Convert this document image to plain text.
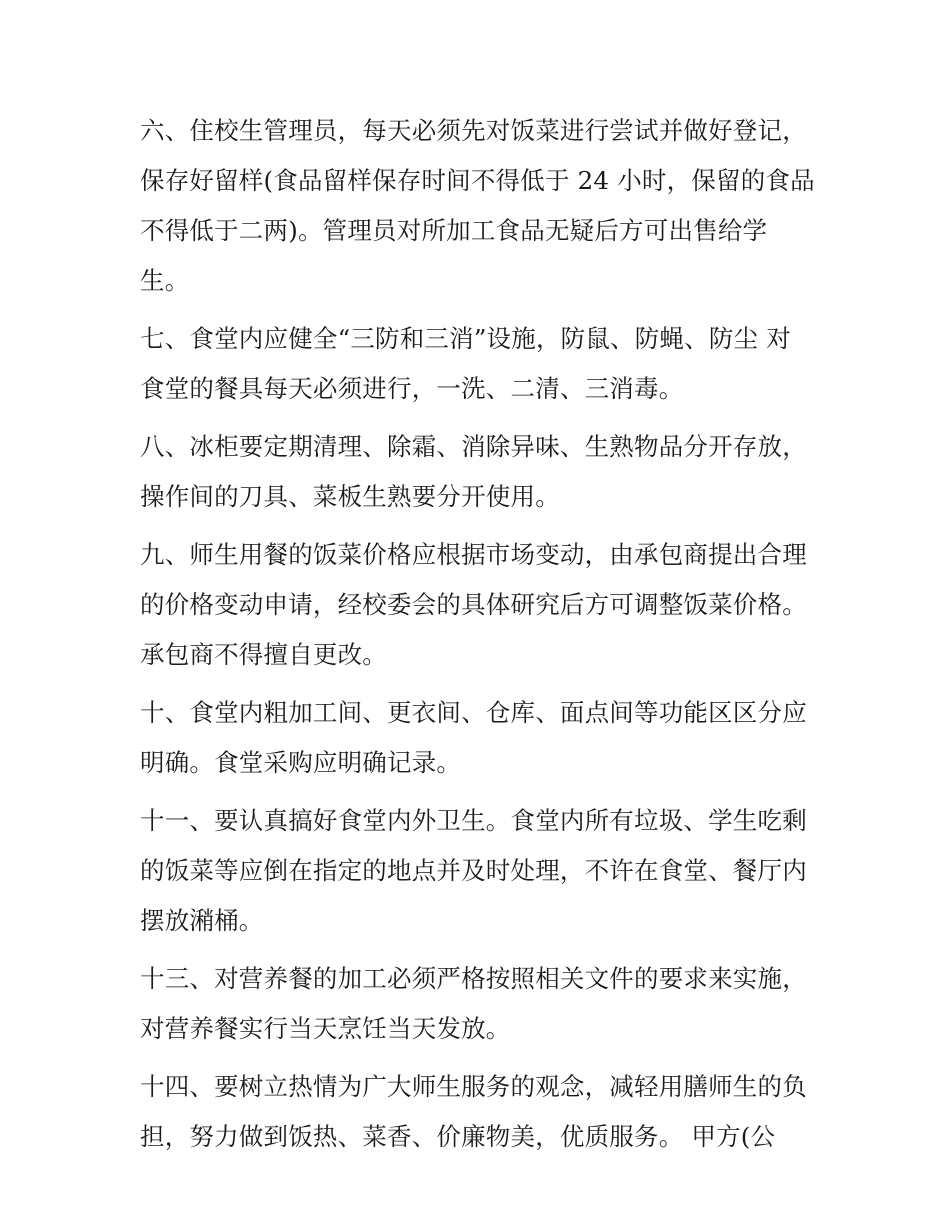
六、住校生管理员，每天必须先对饭菜进行尝试并做好登记，
保存好留样(食品留样保存时间不得低于 24 小时，保留的食品
不得低于二两)。管理员对所加工食品无疑后方可出售给学
生。
七、食堂内应健全“三防和三消”设施，防鼠、防蝇、防尘 对
食堂的餐具每天必须进行，一洗、二清、三消毒。
八、冰柜要定期清理、除霜、消除异味、生熟物品分开存放，
操作间的刀具、菜板生熟要分开使用。
九、师生用餐的饭菜价格应根据市场变动，由承包商提出合理
的价格变动申请，经校委会的具体研究后方可调整饭菜价格。
承包商不得擅自更改。
十、食堂内粗加工间、更衣间、仓库、面点间等功能区区分应
明确。食堂采购应明确记录。
十一、要认真搞好食堂内外卫生。食堂内所有垃圾、学生吃剩
的饭菜等应倒在指定的地点并及时处理，不许在食堂、餐厅内
摆放潲桶。
十三、对营养餐的加工必须严格按照相关文件的要求来实施，
对营养餐实行当天烹饪当天发放。
十四、要树立热情为广大师生服务的观念，减轻用膳师生的负
担，努力做到饭热、菜香、价廉物美，优质服务。 甲方(公
